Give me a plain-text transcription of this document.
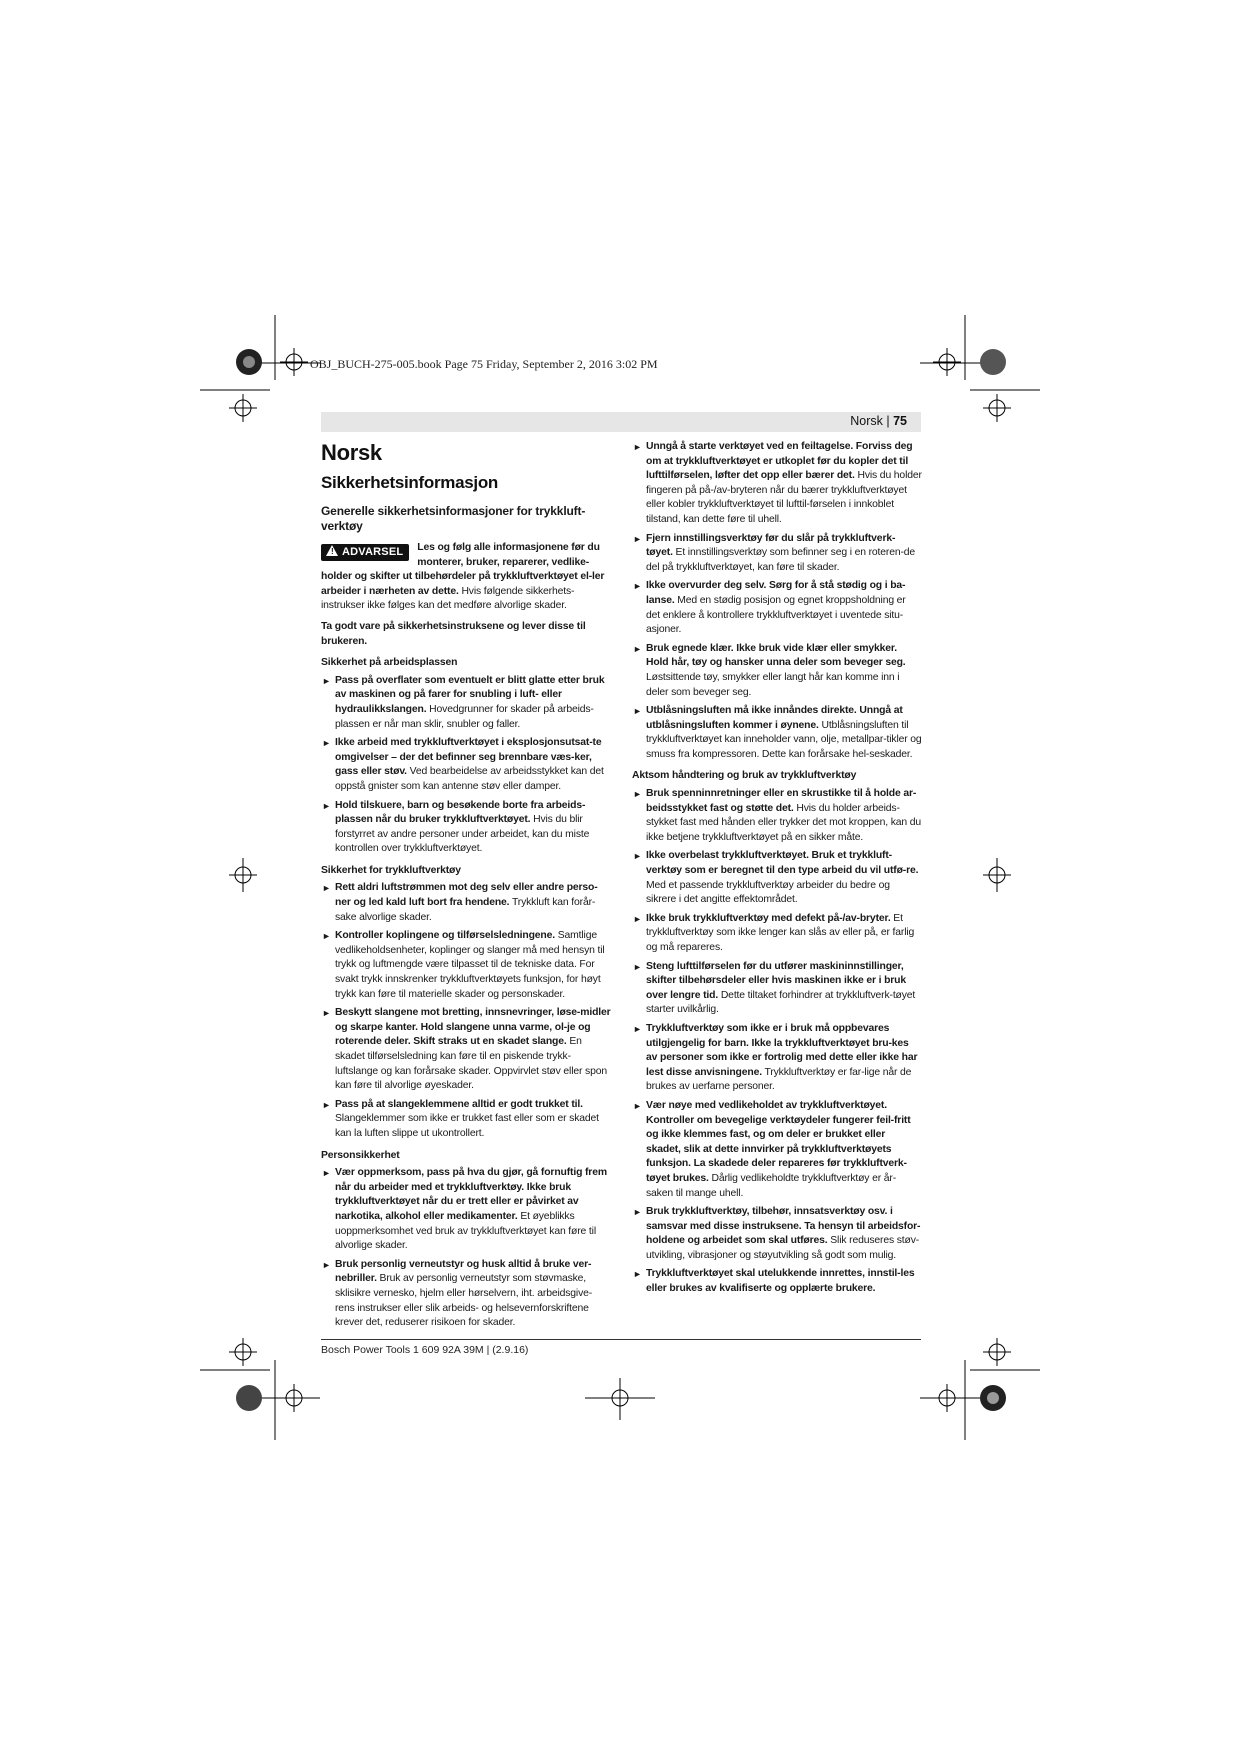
OBJ_BUCH-275-005.book Page 75 Friday, September 2, 2016 3:02 PM
Norsk | 75
Norsk
Sikkerhetsinformasjon
Generelle sikkerhetsinformasjoner for trykkluft-verktøy
! ADVARSEL	Les og følg alle informasjonene før du monterer, bruker, reparerer, vedlike-holder og skifter ut tilbehørdeler på trykkluftverktøyet el-ler arbeider i nærheten av dette. Hvis følgende sikkerhets-instrukser ikke følges kan det medføre alvorlige skader.
Ta godt vare på sikkerhetsinstruksene og lever disse til brukeren.
Sikkerhet på arbeidsplassen
► Pass på overflater som eventuelt er blitt glatte etter bruk av maskinen og på farer for snubling i luft- eller hydraulikkslangen. Hovedgrunner for skader på arbeids-plassen er når man sklir, snubler og faller.
► Ikke arbeid med trykkluftverktøyet i eksplosjonsutsat-te omgivelser – der det befinner seg brennbare væs-ker, gass eller støv. Ved bearbeidelse av arbeidsstykket kan det oppstå gnister som kan antenne støv eller damper.
► Hold tilskuere, barn og besøkende borte fra arbeids-plassen når du bruker trykkluftverktøyet. Hvis du blir forstyrret av andre personer under arbeidet, kan du miste kontrollen over trykkluftverktøyet.
Sikkerhet for trykkluftverktøy
► Rett aldri luftstrømmen mot deg selv eller andre perso-ner og led kald luft bort fra hendene. Trykkluft kan forår-sake alvorlige skader.
► Kontroller koplingene og tilførselsledningene. Samtlige vedlikeholdsenheter, koplinger og slanger må med hensyn til trykk og luftmengde være tilpasset til de tekniske data. For svakt trykk innskrenker trykkluftverktøyets funksjon, for høyt trykk kan føre til materielle skader og personskader.
► Beskytt slangene mot bretting, innsnevringer, løse-midler og skarpe kanter. Hold slangene unna varme, ol-je og roterende deler. Skift straks ut en skadet slange. En skadet tilførselsledning kan føre til en piskende trykk-luftslange og kan forårsake skader. Oppvirvlet støv eller spon kan føre til alvorlige øyeskader.
► Pass på at slangeklemmene alltid er godt trukket til. Slangeklemmer som ikke er trukket fast eller som er skadet kan la luften slippe ut ukontrollert.
Personsikkerhet
► Vær oppmerksom, pass på hva du gjør, gå fornuftig frem når du arbeider med et trykkluftverktøy. Ikke bruk trykkluftverktøyet når du er trett eller er påvirket av narkotika, alkohol eller medikamenter. Et øyeblikks uoppmerksomhet ved bruk av trykkluftverktøyet kan føre til alvorlige skader.
► Bruk personlig verneutstyr og husk alltid å bruke ver-nebriller. Bruk av personlig verneutstyr som støvmaske, sklisikre vernesko, hjelm eller hørselvern, iht. arbeidsgive-rens instrukser eller slik arbeids- og helsevernforskriftene krever det, reduserer risikoen for skader.
► Unngå å starte verktøyet ved en feiltagelse. Forviss deg om at trykkluftverktøyet er utkoplet før du kopler det til lufttilførselen, løfter det opp eller bærer det. Hvis du holder fingeren på på-/av-bryteren når du bærer trykkluftverktøyet eller kobler trykkluftverktøyet til lufttil-førselen i innkoblet tilstand, kan dette føre til uhell.
► Fjern innstillingsverktøy før du slår på trykkluftverk-tøyet. Et innstillingsverktøy som befinner seg i en roteren-de del på trykkluftverktøyet, kan føre til skader.
► Ikke overvurder deg selv. Sørg for å stå stødig og i ba-lanse. Med en stødig posisjon og egnet kroppsholdning er det enklere å kontrollere trykkluftverktøyet i uventede situ-asjoner.
► Bruk egnede klær. Ikke bruk vide klær eller smykker. Hold hår, tøy og hansker unna deler som beveger seg. Løstsittende tøy, smykker eller langt hår kan komme inn i deler som beveger seg.
► Utblåsningsluften må ikke innåndes direkte. Unngå at utblåsningsluften kommer i øynene. Utblåsningsluften til trykkluftverktøyet kan inneholder vann, olje, metallpar-tikler og smuss fra kompressoren. Dette kan forårsake hel-seskader.
Aktsom håndtering og bruk av trykkluftverktøy
► Bruk spenninnretninger eller en skrustikke til å holde ar-beidsstykket fast og støtte det. Hvis du holder arbeids-stykket fast med hånden eller trykker det mot kroppen, kan du ikke betjene trykkluftverktøyet på en sikker måte.
► Ikke overbelast trykkluftverktøyet. Bruk et trykkluft-verktøy som er beregnet til den type arbeid du vil utfø-re. Med et passende trykkluftverktøy arbeider du bedre og sikrere i det angitte effektområdet.
► Ikke bruk trykkluftverktøy med defekt på-/av-bryter. Et trykkluftverktøy som ikke lenger kan slås av eller på, er farlig og må repareres.
► Steng lufttilførselen før du utfører maskininnstillinger, skifter tilbehørsdeler eller hvis maskinen ikke er i bruk over lengre tid. Dette tiltaket forhindrer at trykkluftverk-tøyet starter uvilkårlig.
► Trykkluftverktøy som ikke er i bruk må oppbevares utilgjengelig for barn. Ikke la trykkluftverktøyet bru-kes av personer som ikke er fortrolig med dette eller ikke har lest disse anvisningene. Trykkluftverktøy er far-lige når de brukes av uerfarne personer.
► Vær nøye med vedlikeholdet av trykkluftverktøyet. Kontroller om bevegelige verktøydeler fungerer feil-fritt og ikke klemmes fast, og om deler er brukket eller skadet, slik at dette innvirker på trykkluftverktøyets funksjon. La skadede deler repareres før trykkluftverk-tøyet brukes. Dårlig vedlikeholdte trykkluftverktøy er år-saken til mange uhell.
► Bruk trykkluftverktøy, tilbehør, innsatsverktøy osv. i samsvar med disse instruksene. Ta hensyn til arbeidsfor-holdene og arbeidet som skal utføres. Slik reduseres støv-utvikling, vibrasjoner og støyutvikling så godt som mulig.
► Trykkluftverktøyet skal utelukkende innrettes, innstil-les eller brukes av kvalifiserte og opplærte brukere.
Bosch Power Tools 1 609 92A 39M | (2.9.16)
